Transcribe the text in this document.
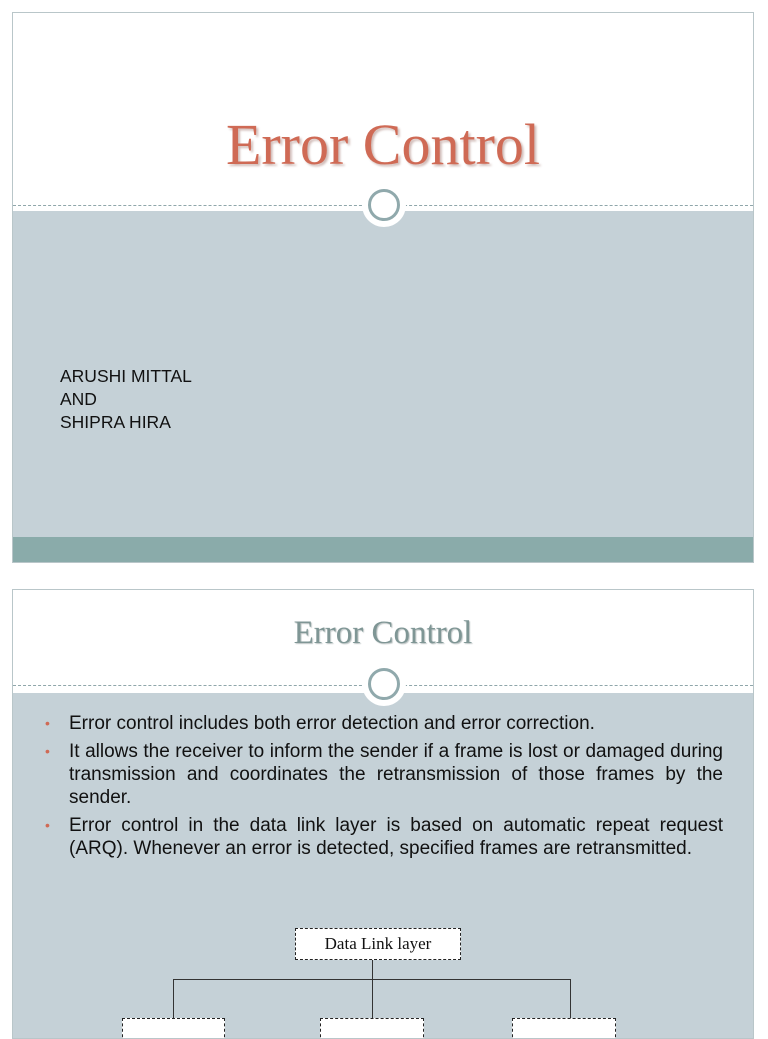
Error Control
ARUSHI MITTAL
AND
SHIPRA HIRA
Error Control
• Error control includes both error detection and error correction.
• It allows the receiver to inform the sender if a frame is lost or damaged during transmission and coordinates the retransmission of those frames by the sender.
• Error control in the data link layer is based on automatic repeat request (ARQ). Whenever an error is detected, specified frames are retransmitted.
Data Link layer
